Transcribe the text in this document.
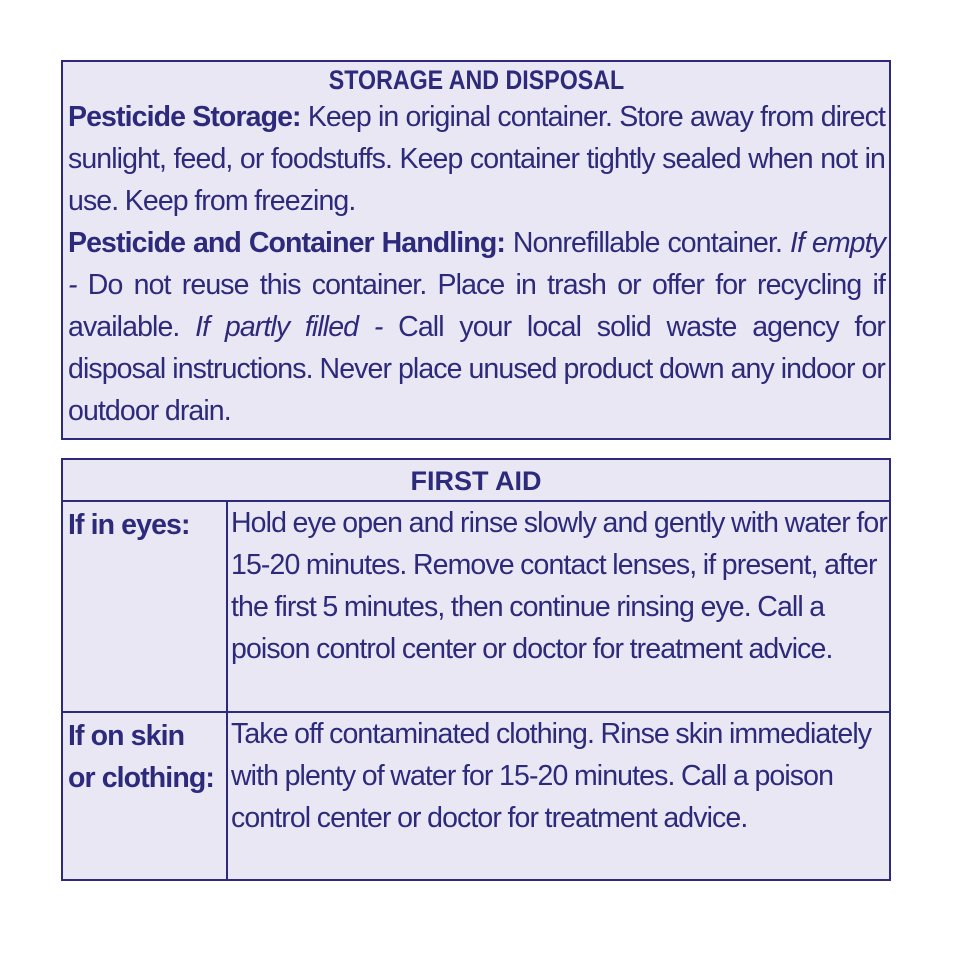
STORAGE AND DISPOSAL
Pesticide Storage: Keep in original container. Store away from direct sunlight, feed, or foodstuffs. Keep container tightly sealed when not in use. Keep from freezing.
Pesticide and Container Handling: Nonrefillable container. If empty - Do not reuse this container. Place in trash or offer for recycling if available. If partly filled - Call your local solid waste agency for disposal instructions. Never place unused product down any indoor or outdoor drain.
FIRST AID
If in eyes:	Hold eye open and rinse slowly and gently with water for 15-20 minutes. Remove contact lenses, if present, after the first 5 minutes, then continue rinsing eye. Call a poison control center or doctor for treatment advice.
If on skin
or clothing:
Take off contaminated clothing. Rinse skin immediately with plenty of water for 15-20 minutes. Call a poison control center or doctor for treatment advice.
